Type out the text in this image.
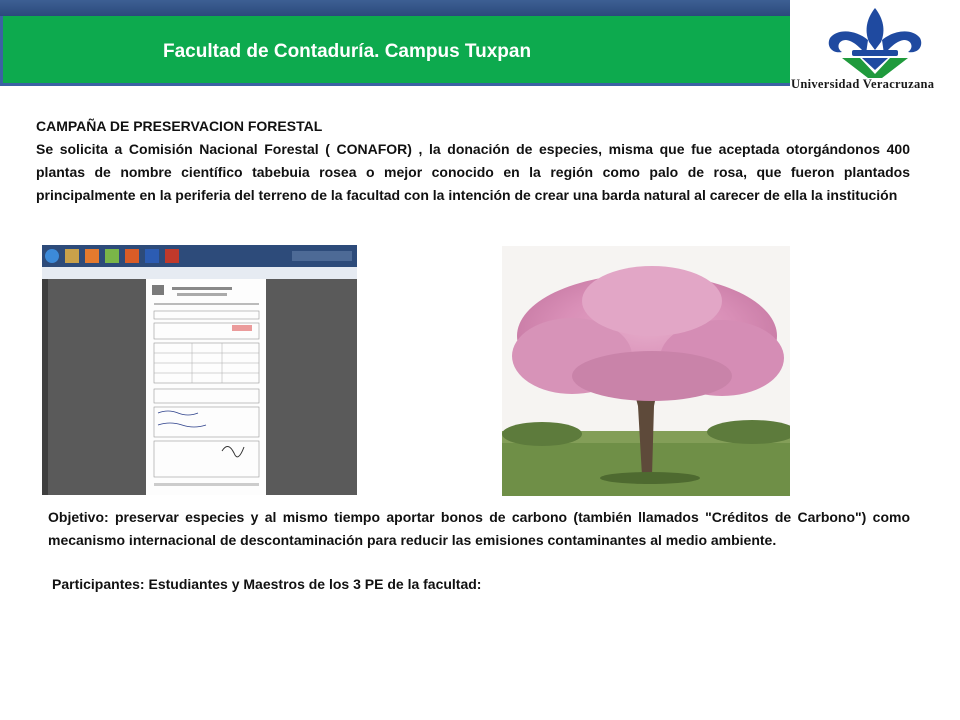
Facultad de Contaduría. Campus Tuxpan
Universidad Veracruzana
CAMPAÑA DE PRESERVACION FORESTAL
Se solicita a Comisión Nacional Forestal ( CONAFOR) , la donación de especies, misma que fue aceptada otorgándonos 400 plantas de nombre científico tabebuia rosea o mejor conocido en la región como palo de rosa, que fueron plantados principalmente en la periferia del terreno de la facultad con la intención de crear una barda natural al carecer de ella la institución
Objetivo: preservar especies y al mismo tiempo aportar bonos de carbono (también llamados "Créditos de Carbono") como mecanismo internacional de descontaminación para reducir las emisiones contaminantes al medio ambiente.
Participantes: Estudiantes y Maestros de los 3 PE de la facultad:
